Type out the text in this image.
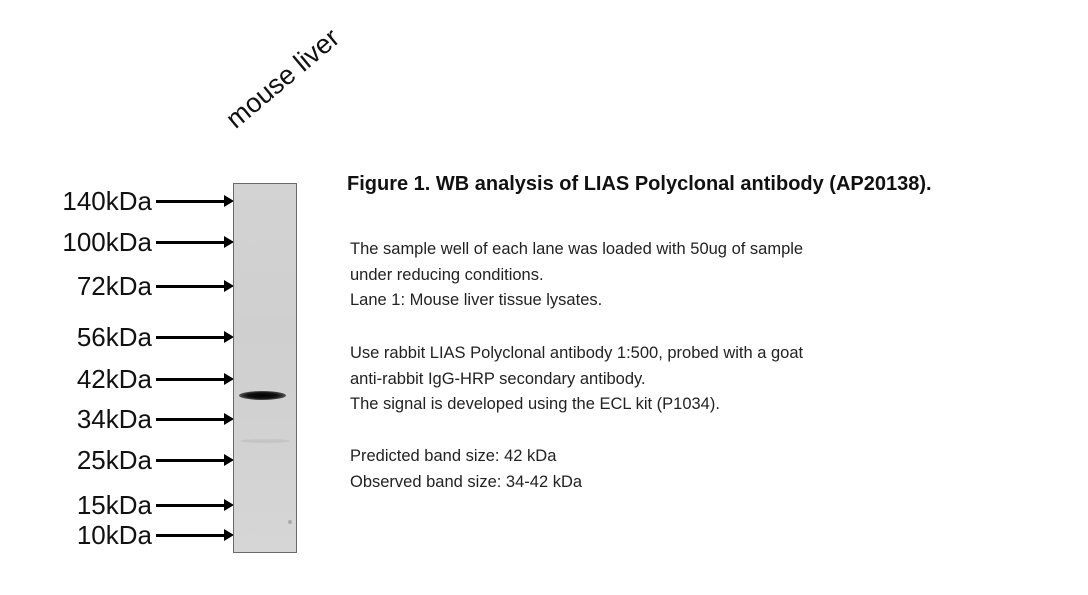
mouse liver
140kDa
100kDa
72kDa
56kDa
42kDa
34kDa
25kDa
15kDa
10kDa
Figure 1. WB analysis of LIAS Polyclonal antibody (AP20138).
The sample well of each lane was loaded with 50ug of sample
under reducing conditions.
Lane 1: Mouse liver tissue lysates.
Use rabbit LIAS Polyclonal antibody 1:500, probed with a goat
anti-rabbit IgG-HRP secondary antibody.
The signal is developed using the ECL kit (P1034).
Predicted band size: 42 kDa
Observed band size: 34-42 kDa
